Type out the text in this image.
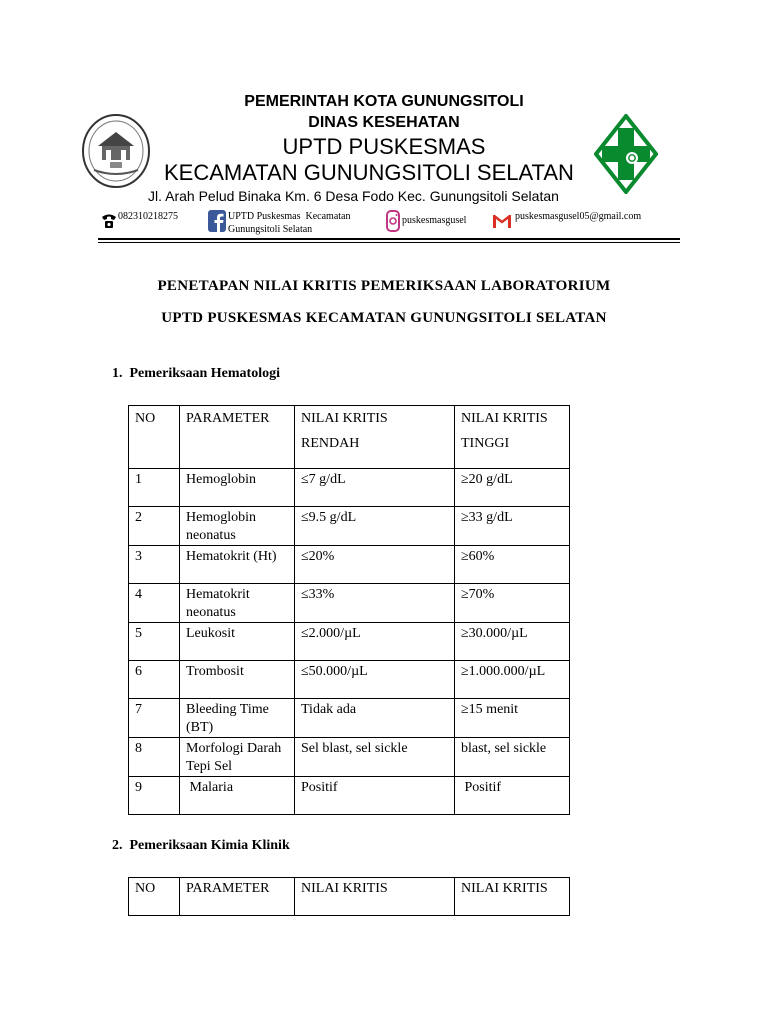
PEMERINTAH KOTA GUNUNGSITOLI
DINAS KESEHATAN
UPTD PUSKESMAS
KECAMATAN GUNUNGSITOLI SELATAN
Jl. Arah Pelud Binaka Km. 6 Desa Fodo Kec. Gunungsitoli Selatan
082310218275	UPTD Puskesmas  Kecamatan
Gunungsitoli Selatan
puskesmasgusel	puskesmasgusel05@gmail.com
PENETAPAN NILAI KRITIS PEMERIKSAAN LABORATORIUM
UPTD PUSKESMAS KECAMATAN GUNUNGSITOLI SELATAN
1.  Pemeriksaan Hematologi
NO	PARAMETER	NILAI KRITIS RENDAH	NILAI KRITIS TINGGI
1	Hemoglobin	≤7 g/dL	≥20 g/dL
2	Hemoglobin neonatus	≤9.5 g/dL	≥33 g/dL
3	Hematokrit (Ht)	≤20%	≥60%
4	Hematokrit neonatus	≤33%	≥70%
5	Leukosit	≤2.000/µL	≥30.000/µL
6	Trombosit	≤50.000/µL	≥1.000.000/µL
7	Bleeding Time (BT)	Tidak ada	≥15 menit
8	Morfologi Darah Tepi Sel	Sel blast, sel sickle	blast, sel sickle
9	Malaria	Positif	Positif
2.  Pemeriksaan Kimia Klinik
NO	PARAMETER	NILAI KRITIS	NILAI KRITIS
